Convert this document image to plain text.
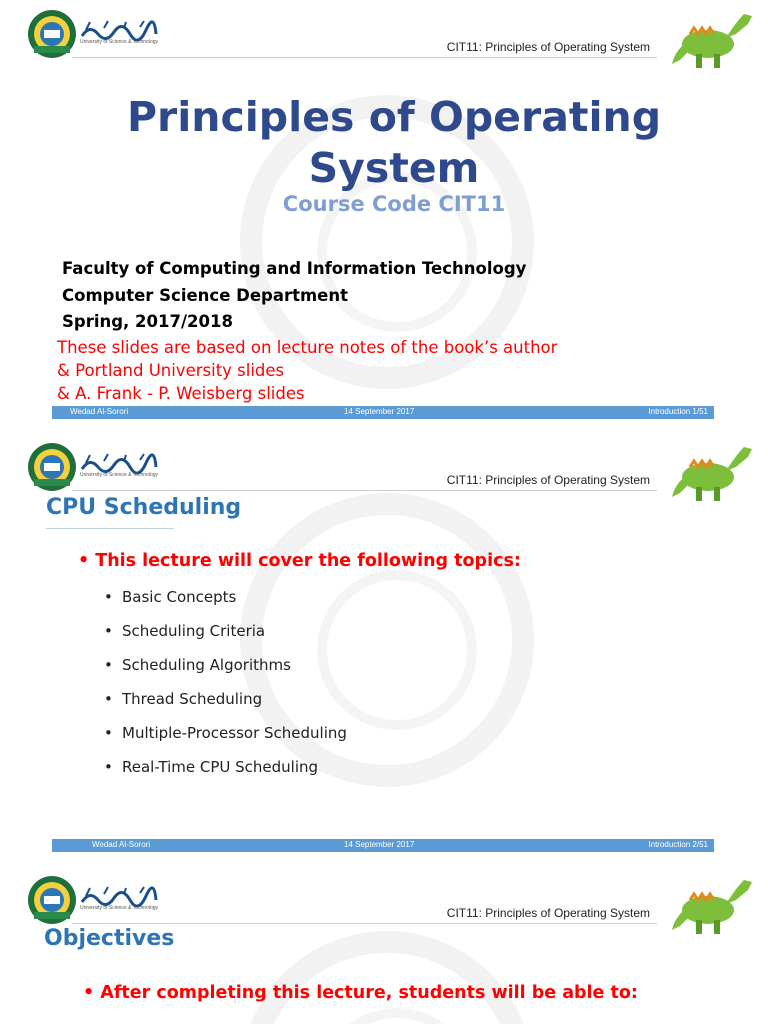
University of Science & Technology	CIT11: Principles of Operating System
Principles of Operating
System
Course Code CIT11
Faculty of Computing and Information Technology
Computer Science Department
Spring, 2017/2018
These slides are based on lecture notes of the book’s author
& Portland University slides
& A. Frank - P. Weisberg slides
Wedad Al-Sorori	14 September 2017	Introduction 1/51
University of Science & Technology	CIT11: Principles of Operating System
CPU Scheduling
• This lecture will cover the following topics:
• Basic Concepts
• Scheduling Criteria
• Scheduling Algorithms
• Thread Scheduling
• Multiple-Processor Scheduling
• Real-Time CPU Scheduling
Wedad Al-Sorori	14 September 2017	Introduction 2/51
University of Science & Technology	CIT11: Principles of Operating System
Objectives
• After completing this lecture, students will be able to:
